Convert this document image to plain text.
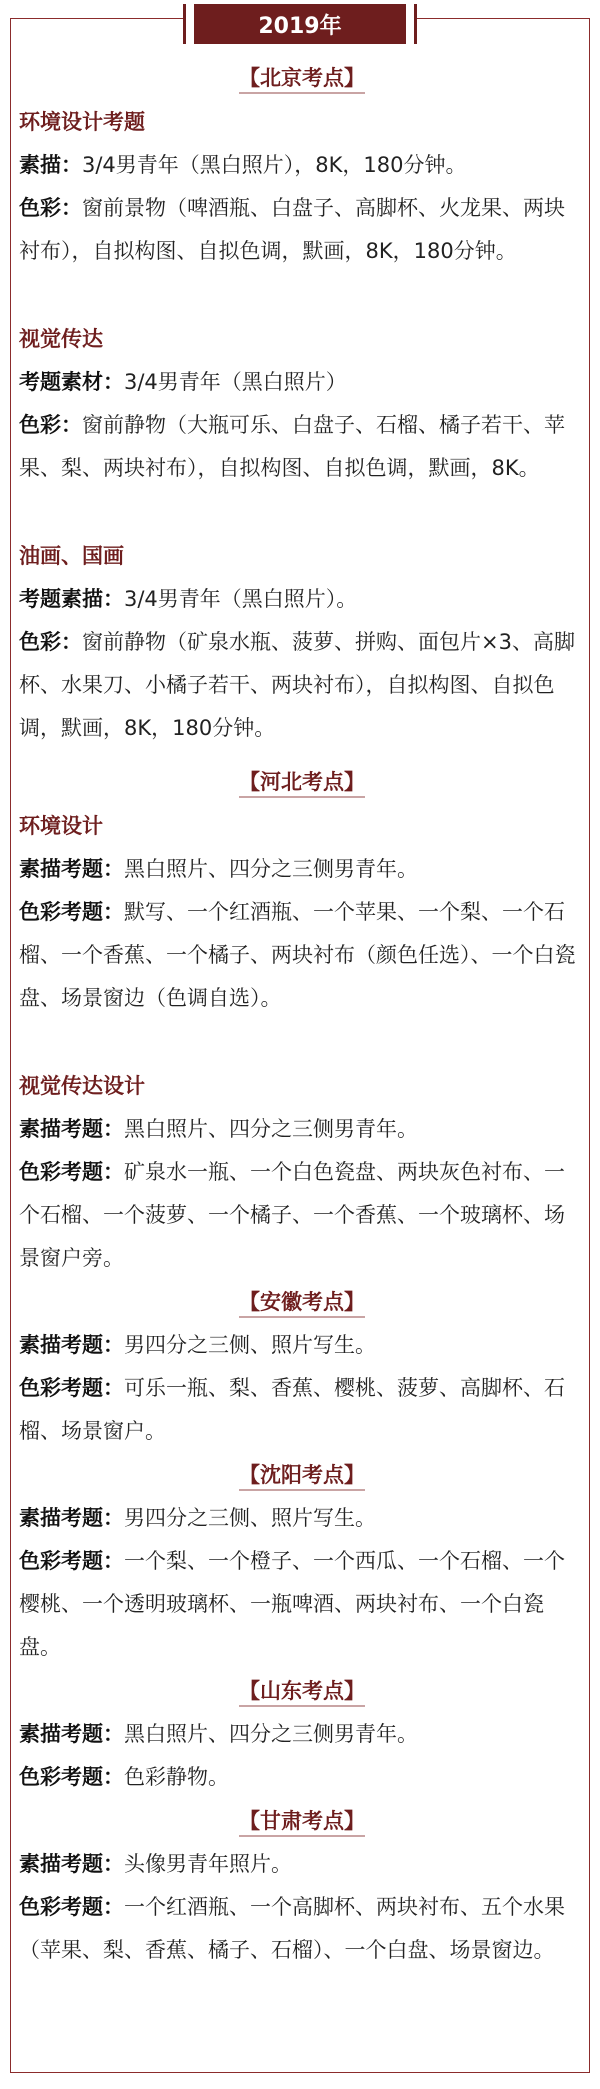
2019年
【北京考点】
环境设计考题

素描：3/4男青年（黑白照片），8K，180分钟。

色彩：窗前景物（啤酒瓶、白盘子、高脚杯、火龙果、两块衬布），自拟构图、自拟色调，默画，8K，180分钟。

视觉传达

考题素材：3/4男青年（黑白照片）

色彩：窗前静物（大瓶可乐、白盘子、石榴、橘子若干、苹果、梨、两块衬布），自拟构图、自拟色调，默画，8K。

油画、国画

考题素描：3/4男青年（黑白照片）。

色彩：窗前静物（矿泉水瓶、菠萝、拼购、面包片×3、高脚杯、水果刀、小橘子若干、两块衬布），自拟构图、自拟色调，默画，8K，180分钟。

【河北考点】
环境设计

素描考题：黑白照片、四分之三侧男青年。

色彩考题：默写、一个红酒瓶、一个苹果、一个梨、一个石榴、一个香蕉、一个橘子、两块衬布（颜色任选）、一个白瓷盘、场景窗边（色调自选）。

视觉传达设计

素描考题：黑白照片、四分之三侧男青年。

色彩考题：矿泉水一瓶、一个白色瓷盘、两块灰色衬布、一个石榴、一个菠萝、一个橘子、一个香蕉、一个玻璃杯、场景窗户旁。

【安徽考点】

素描考题：男四分之三侧、照片写生。

色彩考题：可乐一瓶、梨、香蕉、樱桃、菠萝、高脚杯、石榴、场景窗户。

【沈阳考点】

素描考题：男四分之三侧、照片写生。

色彩考题：一个梨、一个橙子、一个西瓜、一个石榴、一个樱桃、一个透明玻璃杯、一瓶啤酒、两块衬布、一个白瓷盘。

【山东考点】

素描考题：黑白照片、四分之三侧男青年。

色彩考题：色彩静物。

【甘肃考点】

素描考题：头像男青年照片。

色彩考题：一个红酒瓶、一个高脚杯、两块衬布、五个水果（苹果、梨、香蕉、橘子、石榴）、一个白盘、场景窗边。
